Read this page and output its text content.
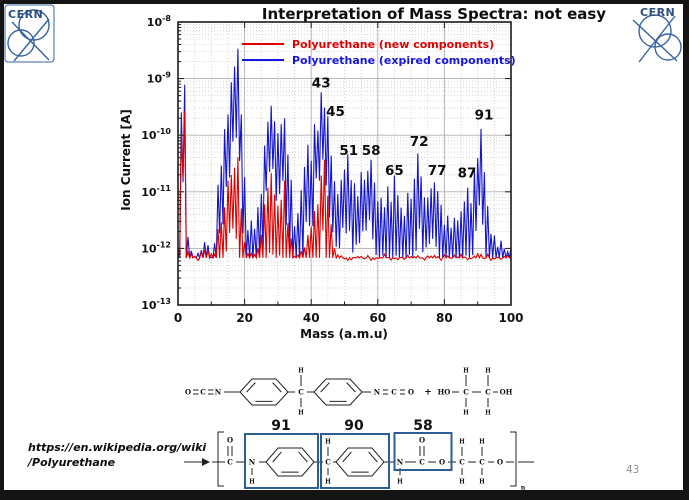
CERN	CERN
Interpretation of Mass Spectra: not easy
0	20	40	60	80	100
$10^{-8}$
$10^{-9}$
$10^{-10}$
$10^{-11}$
$10^{-12}$
$10^{-13}$
43
45
51 58
65
72
77 87
91
Ion Current [A]
Mass (a.m.u)
Polyurethane (new components)
Polyurethane (expired components)
O C N
H
C
H
N C O + HO C C OH
H	H
H	H
C
O
N
H
C
H
H
N
H
C
O
O C
H
H
C
H
H
O
n
91	90	58
https://en.wikipedia.org/wiki
/Polyurethane
43
